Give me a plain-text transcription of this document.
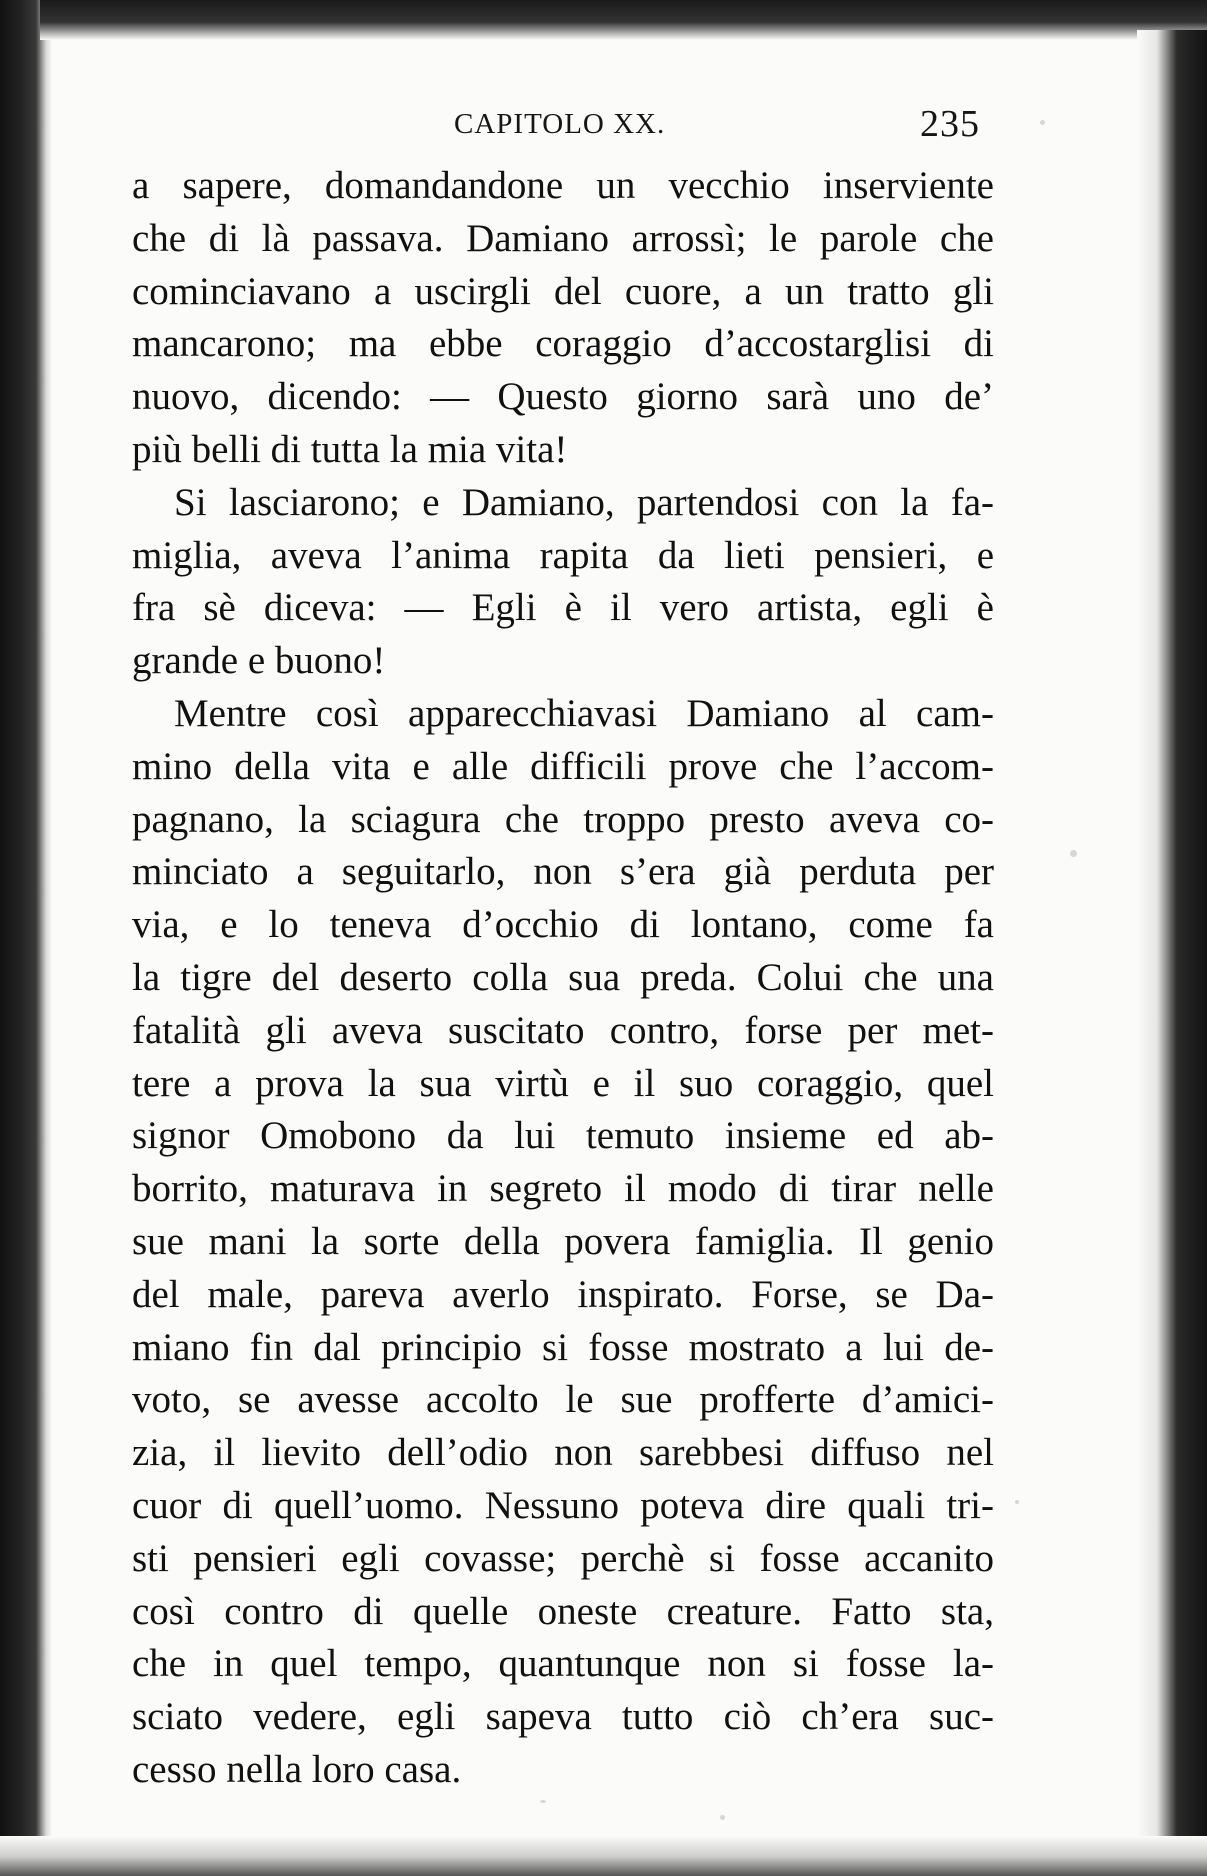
CAPITOLO XX.	235
a sapere, domandandone un vecchio inserviente
che di là passava. Damiano arrossì; le parole che
cominciavano a uscirgli del cuore, a un tratto gli
mancarono; ma ebbe coraggio d’accostarglisi di
nuovo, dicendo: — Questo giorno sarà uno de’
più belli di tutta la mia vita!
Si lasciarono; e Damiano, partendosi con la fa-
miglia, aveva l’anima rapita da lieti pensieri, e
fra sè diceva: — Egli è il vero artista, egli è
grande e buono!
Mentre così apparecchiavasi Damiano al cam-
mino della vita e alle difficili prove che l’accom-
pagnano, la sciagura che troppo presto aveva co-
minciato a seguitarlo, non s’era già perduta per
via, e lo teneva d’occhio di lontano, come fa
la tigre del deserto colla sua preda. Colui che una
fatalità gli aveva suscitato contro, forse per met-
tere a prova la sua virtù e il suo coraggio, quel
signor Omobono da lui temuto insieme ed ab-
borrito, maturava in segreto il modo di tirar nelle
sue mani la sorte della povera famiglia. Il genio
del male, pareva averlo inspirato. Forse, se Da-
miano fin dal principio si fosse mostrato a lui de-
voto, se avesse accolto le sue profferte d’amici-
zia, il lievito dell’odio non sarebbesi diffuso nel
cuor di quell’uomo. Nessuno poteva dire quali tri-
sti pensieri egli covasse; perchè si fosse accanito
così contro di quelle oneste creature. Fatto sta,
che in quel tempo, quantunque non si fosse la-
sciato vedere, egli sapeva tutto ciò ch’era suc-
cesso nella loro casa.
